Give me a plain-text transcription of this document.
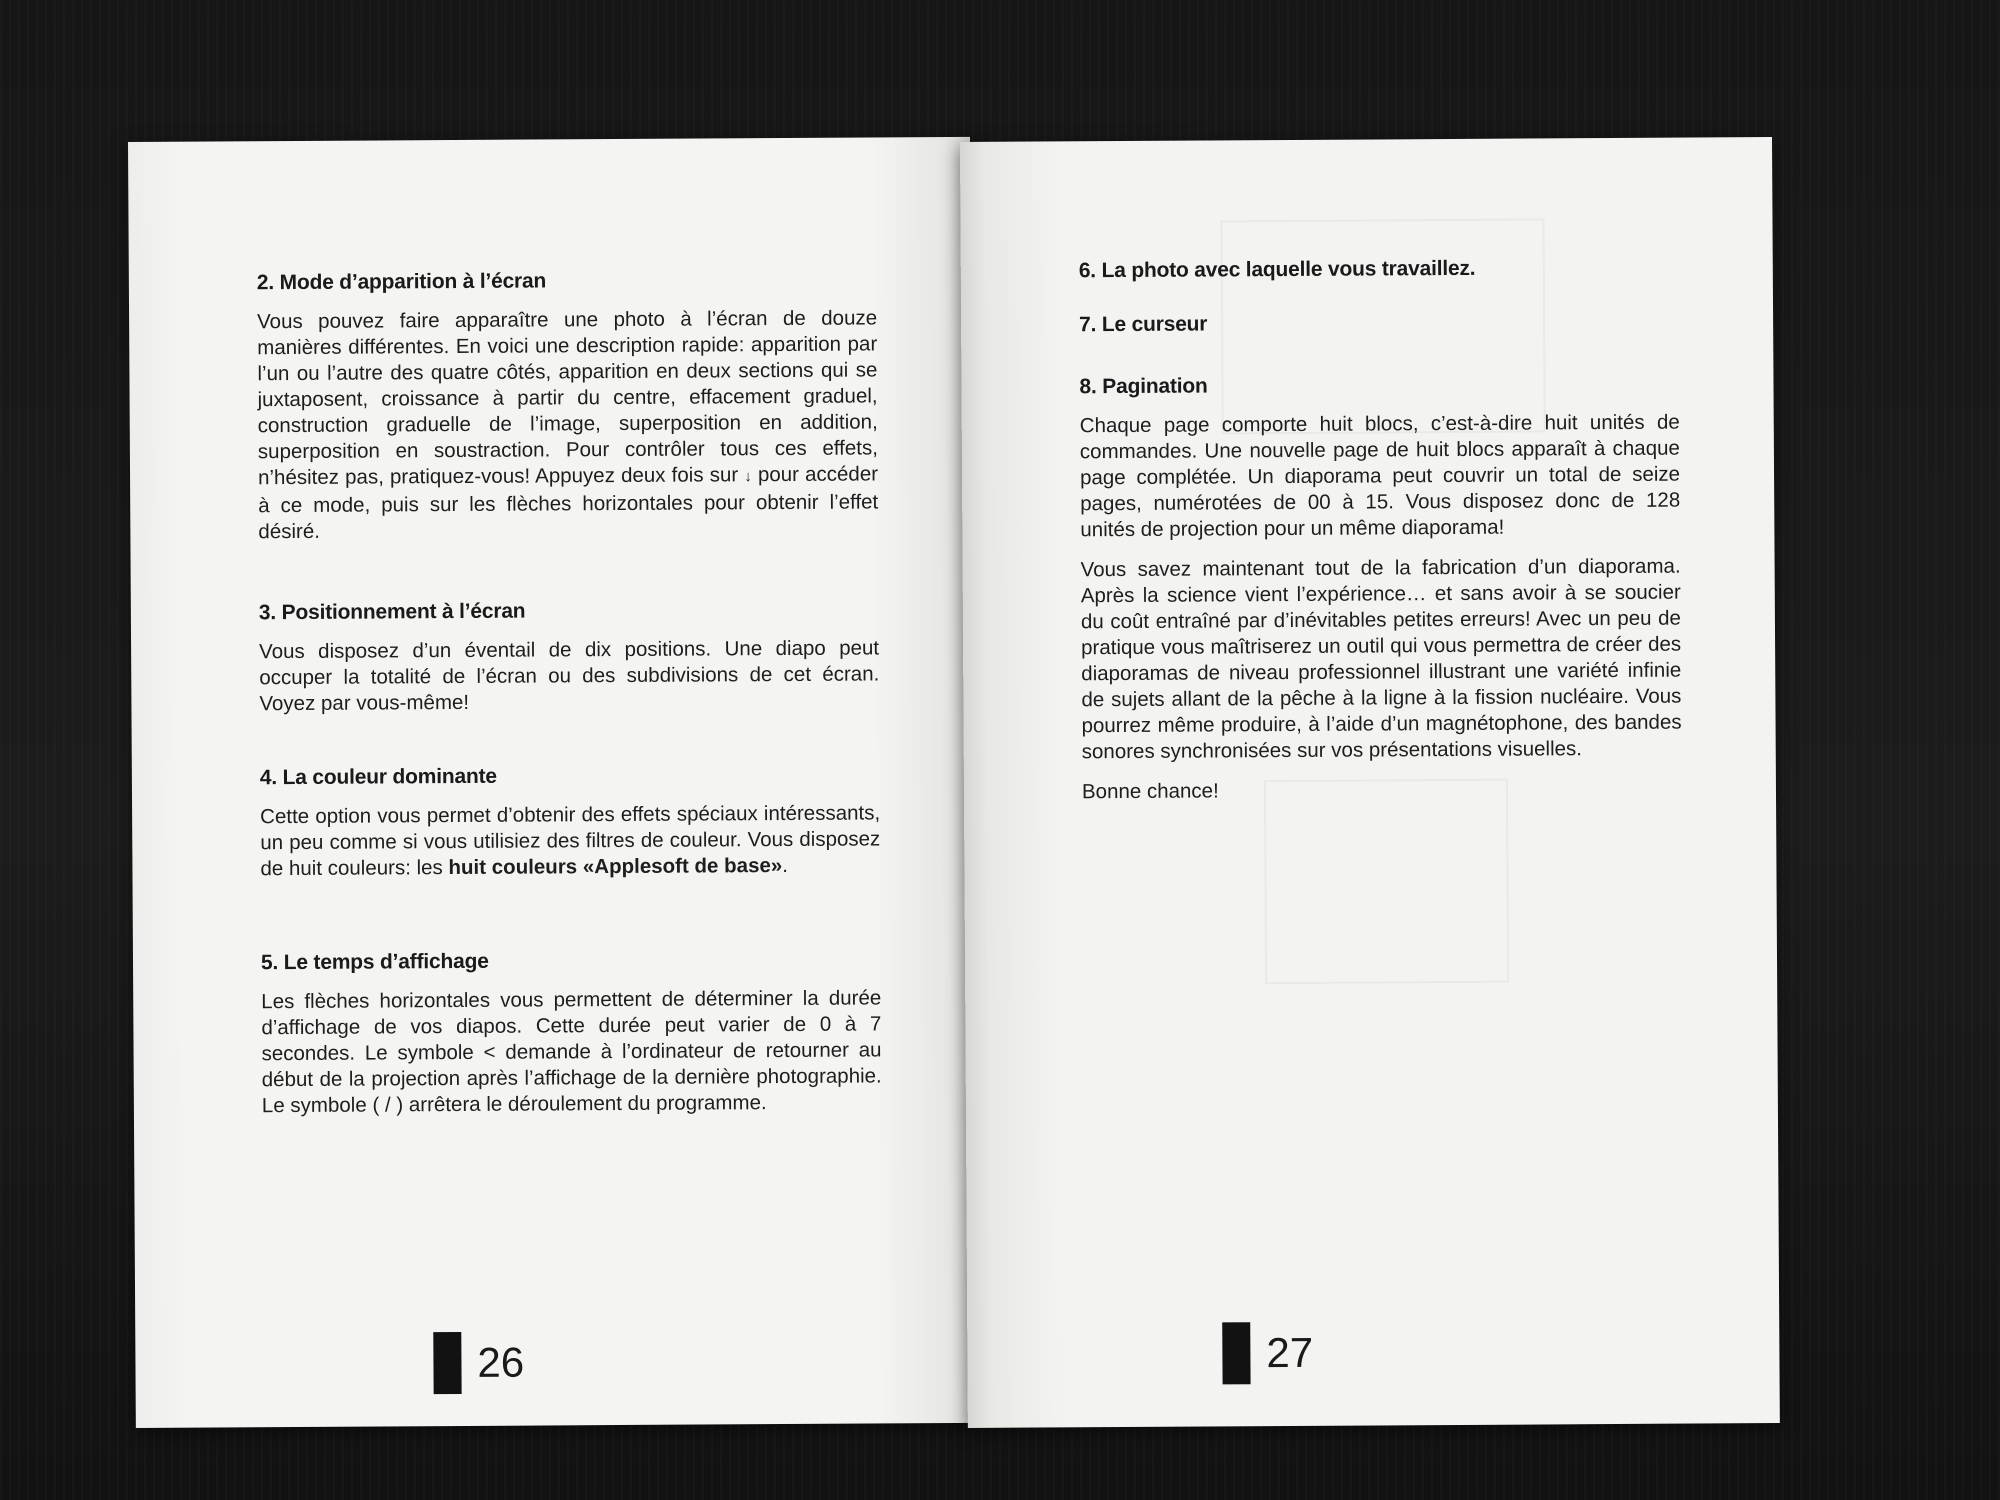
2. Mode d’apparition à l’écran

Vous pouvez faire apparaître une photo à l’écran de douze manières différentes. En voici une description rapide: apparition par l’un ou l’autre des quatre côtés, apparition en deux sections qui se juxtaposent, croissance à partir du centre, effacement graduel, construction graduelle de l’image, superposition en addition, superposition en soustraction. Pour contrôler tous ces effets, n’hésitez pas, pratiquez-vous! Appuyez deux fois sur ↓ pour accéder à ce mode, puis sur les flèches horizontales pour obtenir l’effet désiré.

3. Positionnement à l’écran

Vous disposez d’un éventail de dix positions. Une diapo peut occuper la totalité de l’écran ou des subdivisions de cet écran. Voyez par vous-même!

4. La couleur dominante

Cette option vous permet d’obtenir des effets spéciaux intéressants, un peu comme si vous utilisiez des filtres de couleur. Vous disposez de huit couleurs: les huit couleurs «Applesoft de base».

5. Le temps d’affichage

Les flèches horizontales vous permettent de déterminer la durée d’affichage de vos diapos. Cette durée peut varier de 0 à 7 secondes. Le symbole < demande à l’ordinateur de retourner au début de la projection après l’affichage de la dernière photographie. Le symbole ( / ) arrêtera le déroulement du programme.

26
6. La photo avec laquelle vous travaillez.
7. Le curseur
8. Pagination

Chaque page comporte huit blocs, c’est-à-dire huit unités de commandes. Une nouvelle page de huit blocs apparaît à chaque page complétée. Un diaporama peut couvrir un total de seize pages, numérotées de 00 à 15. Vous disposez donc de 128 unités de projection pour un même diaporama!

Vous savez maintenant tout de la fabrication d’un diaporama. Après la science vient l’expérience… et sans avoir à se soucier du coût entraîné par d’inévitables petites erreurs! Avec un peu de pratique vous maîtriserez un outil qui vous permettra de créer des diaporamas de niveau professionnel illustrant une variété infinie de sujets allant de la pêche à la ligne à la fission nucléaire. Vous pourrez même produire, à l’aide d’un magnétophone, des bandes sonores synchronisées sur vos présentations visuelles.

Bonne chance!

27
